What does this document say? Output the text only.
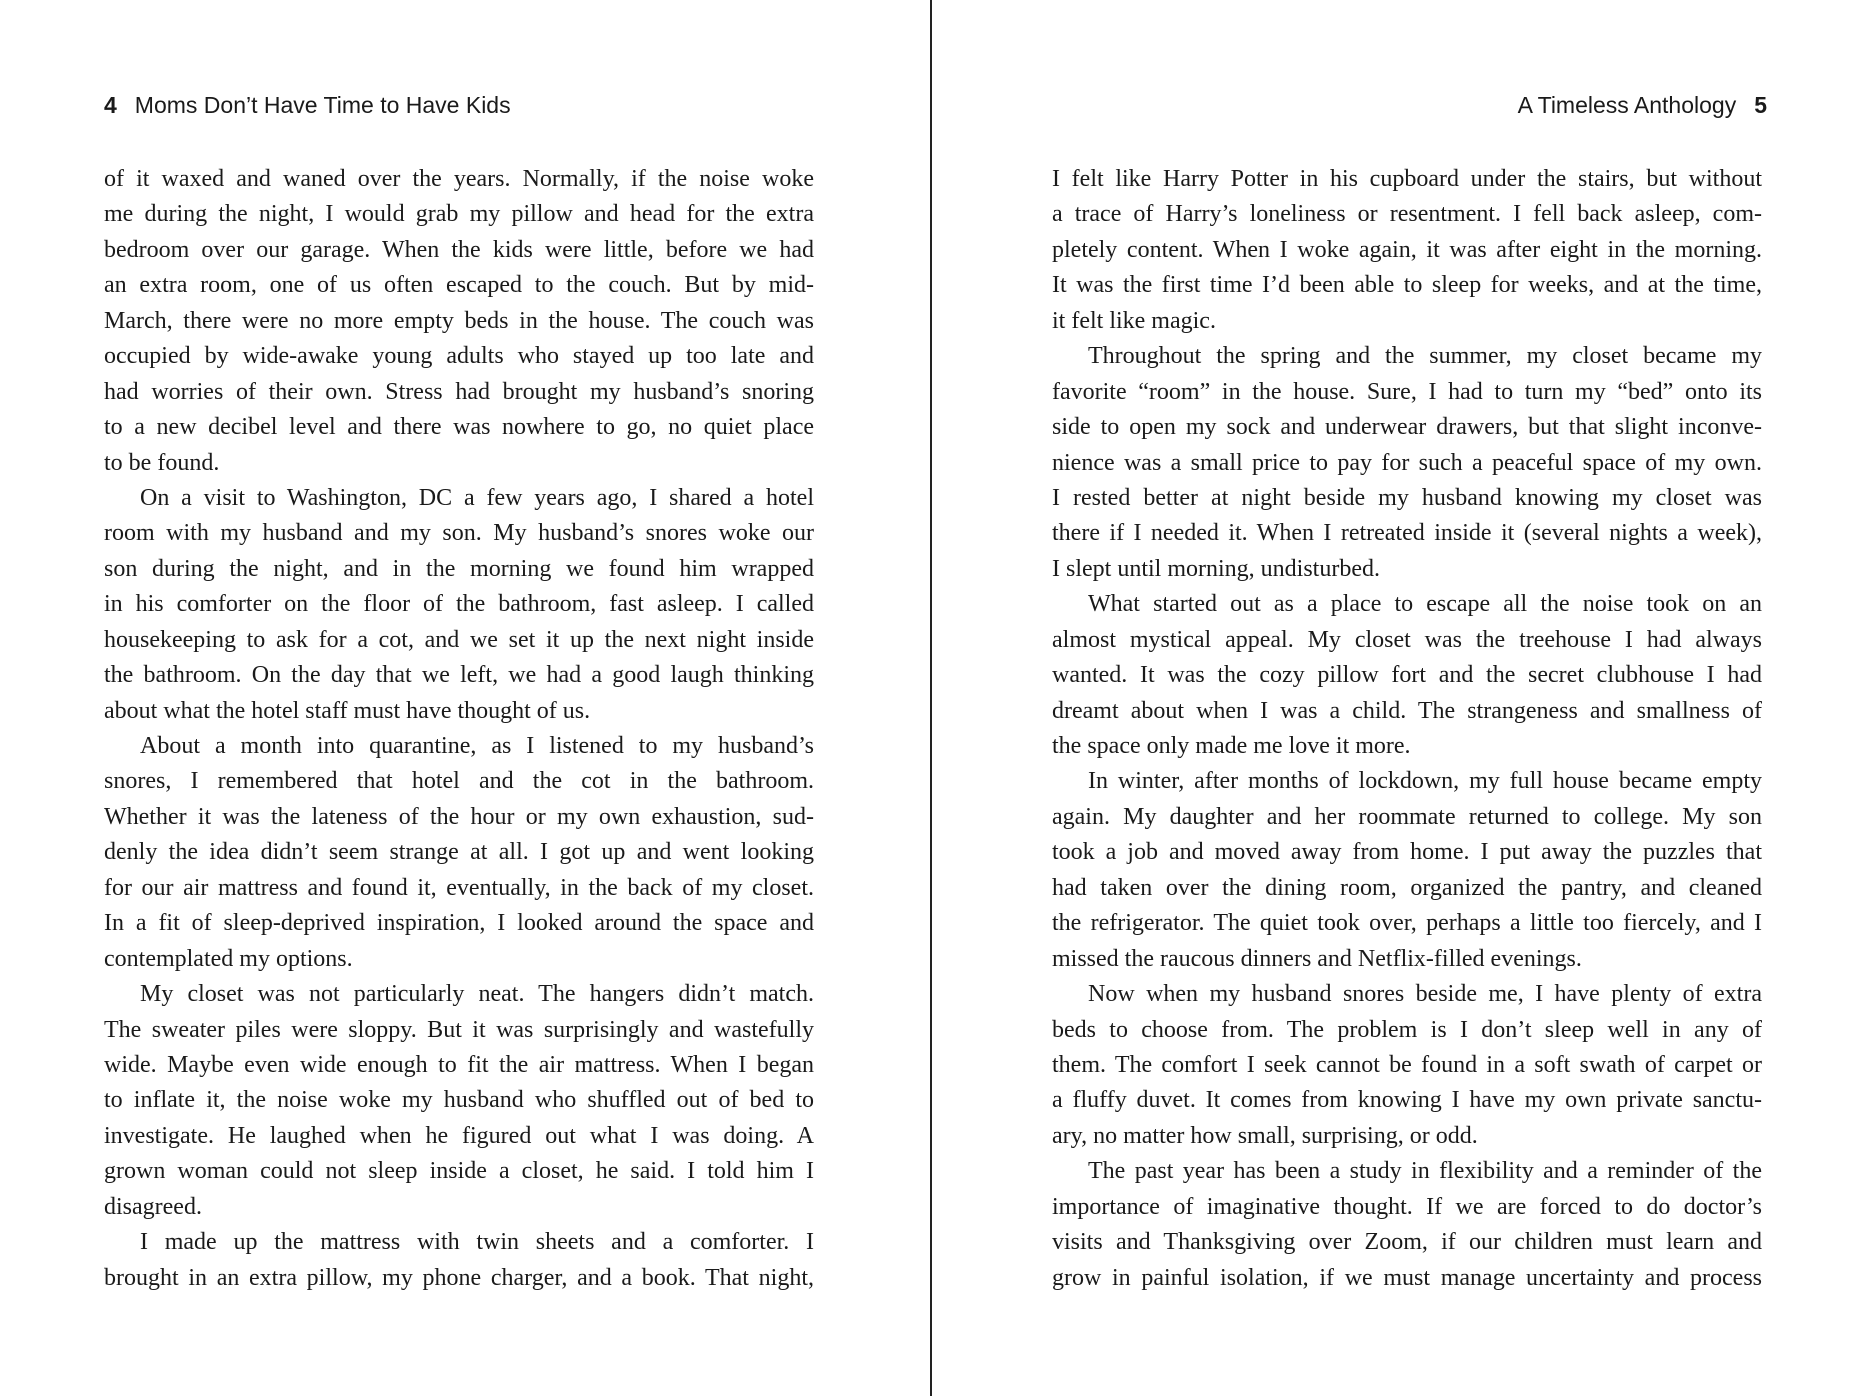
4 Moms Don’t Have Time to Have Kids
of it waxed and waned over the years. Normally, if the noise woke
me during the night, I would grab my pillow and head for the extra
bedroom over our garage. When the kids were little, before we had
an extra room, one of us often escaped to the couch. But by mid-
March, there were no more empty beds in the house. The couch was
occupied by wide-awake young adults who stayed up too late and
had worries of their own. Stress had brought my husband’s snoring
to a new decibel level and there was nowhere to go, no quiet place
to be found.
On a visit to Washington, DC a few years ago, I shared a hotel
room with my husband and my son. My husband’s snores woke our
son during the night, and in the morning we found him wrapped
in his comforter on the floor of the bathroom, fast asleep. I called
housekeeping to ask for a cot, and we set it up the next night inside
the bathroom. On the day that we left, we had a good laugh thinking
about what the hotel staff must have thought of us.
About a month into quarantine, as I listened to my husband’s
snores, I remembered that hotel and the cot in the bathroom.
Whether it was the lateness of the hour or my own exhaustion, sud-
denly the idea didn’t seem strange at all. I got up and went looking
for our air mattress and found it, eventually, in the back of my closet.
In a fit of sleep-deprived inspiration, I looked around the space and
contemplated my options.
My closet was not particularly neat. The hangers didn’t match.
The sweater piles were sloppy. But it was surprisingly and wastefully
wide. Maybe even wide enough to fit the air mattress. When I began
to inflate it, the noise woke my husband who shuffled out of bed to
investigate. He laughed when he figured out what I was doing. A
grown woman could not sleep inside a closet, he said. I told him I
disagreed.
I made up the mattress with twin sheets and a comforter. I
brought in an extra pillow, my phone charger, and a book. That night,
A Timeless Anthology 5
I felt like Harry Potter in his cupboard under the stairs, but without
a trace of Harry’s loneliness or resentment. I fell back asleep, com-
pletely content. When I woke again, it was after eight in the morning.
It was the first time I’d been able to sleep for weeks, and at the time,
it felt like magic.
Throughout the spring and the summer, my closet became my
favorite “room” in the house. Sure, I had to turn my “bed” onto its
side to open my sock and underwear drawers, but that slight inconve-
nience was a small price to pay for such a peaceful space of my own.
I rested better at night beside my husband knowing my closet was
there if I needed it. When I retreated inside it (several nights a week),
I slept until morning, undisturbed.
What started out as a place to escape all the noise took on an
almost mystical appeal. My closet was the treehouse I had always
wanted. It was the cozy pillow fort and the secret clubhouse I had
dreamt about when I was a child. The strangeness and smallness of
the space only made me love it more.
In winter, after months of lockdown, my full house became empty
again. My daughter and her roommate returned to college. My son
took a job and moved away from home. I put away the puzzles that
had taken over the dining room, organized the pantry, and cleaned
the refrigerator. The quiet took over, perhaps a little too fiercely, and I
missed the raucous dinners and Netflix-filled evenings.
Now when my husband snores beside me, I have plenty of extra
beds to choose from. The problem is I don’t sleep well in any of
them. The comfort I seek cannot be found in a soft swath of carpet or
a fluffy duvet. It comes from knowing I have my own private sanctu-
ary, no matter how small, surprising, or odd.
The past year has been a study in flexibility and a reminder of the
importance of imaginative thought. If we are forced to do doctor’s
visits and Thanksgiving over Zoom, if our children must learn and
grow in painful isolation, if we must manage uncertainty and process
